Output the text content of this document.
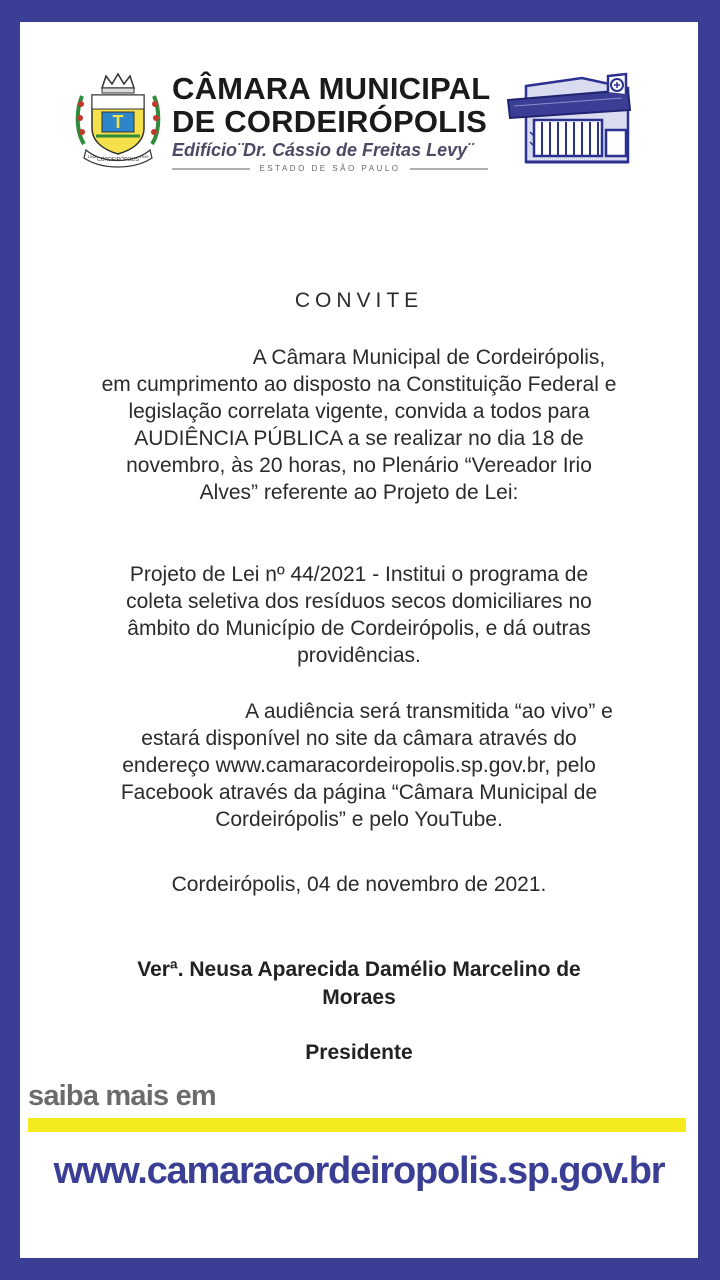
T
CORDEIRÓPOLIS
1948	1949
CÂMARA MUNICIPAL
DE CORDEIRÓPOLIS
Edifício¨Dr. Cássio de Freitas Levy¨
ESTADO DE SÃO PAULO
CONVITE
A Câmara Municipal de Cordeirópolis,
em cumprimento ao disposto na Constituição Federal e
legislação correlata vigente, convida a todos para
AUDIÊNCIA PÚBLICA a se realizar no dia 18 de
novembro, às 20 horas, no Plenário “Vereador Irio
Alves” referente ao Projeto de Lei:
Projeto de Lei nº 44/2021 - Institui o programa de
coleta seletiva dos resíduos secos domiciliares no
âmbito do Município de Cordeirópolis, e dá outras
providências.
A audiência será transmitida “ao vivo” e
estará disponível no site da câmara através do
endereço www.camaracordeiropolis.sp.gov.br, pelo
Facebook através da página “Câmara Municipal de
Cordeirópolis” e pelo YouTube.
Cordeirópolis, 04 de novembro de 2021.
Verª. Neusa Aparecida Damélio Marcelino de
Moraes
Presidente
saiba mais em
www.camaracordeiropolis.sp.gov.br
